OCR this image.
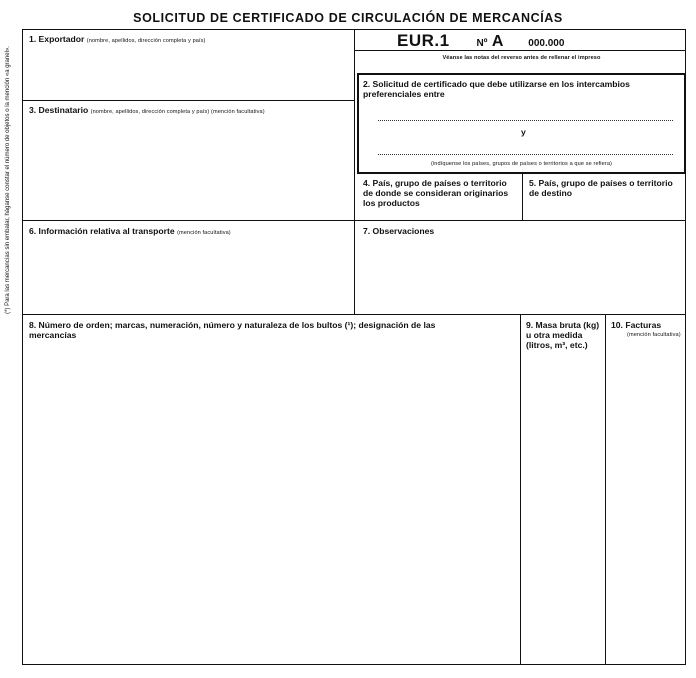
SOLICITUD DE CERTIFICADO DE CIRCULACIÓN DE MERCANCÍAS
(*) Para las mercancías sin embalar, háganse constar el número de objetos o la mención «a granel».
EUR.1	Nº A 000.000
Véanse las notas del reverso antes de rellenar el impreso
1. Exportador (nombre, apellidos, dirección completa y país)
2. Solicitud de certificado que debe utilizarse en los intercambios preferenciales entre
y
(indíquense los países, grupos de países o territorios a que se refiera)
3. Destinatario (nombre, apellidos, dirección completa y país) (mención facultativa)
4. País, grupo de países o territorio de donde se consideran originarios los productos
5. País, grupo de países o territorio de destino
6. Información relativa al transporte (mención facultativa)	7. Observaciones
8. Número de orden; marcas, numeración, número y naturaleza de los bultos (¹); designación de las mercancías
9. Masa bruta (kg) u otra medida (litros, m³, etc.)
10. Facturas
(mención facultativa)
